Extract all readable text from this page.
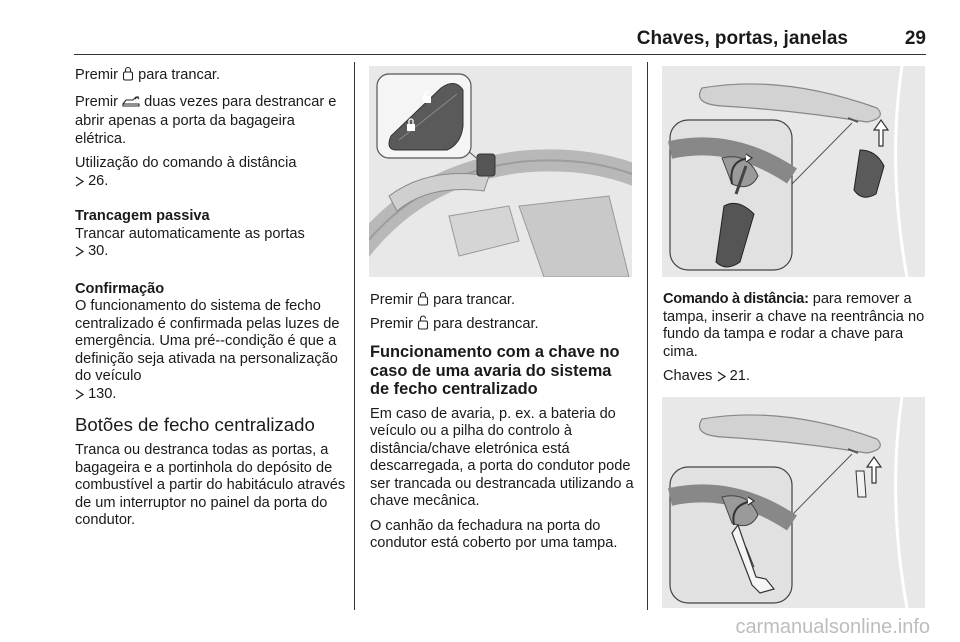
Chaves, portas, janelas	29

Premir para trancar.

Premir duas vezes para destrancar e abrir apenas a porta da bagageira elétrica.

Utilização do comando à distância
26.

Trancagem passiva
Trancar automaticamente as portas
30.

Confirmação
O funcionamento do sistema de fecho centralizado é confirmada pelas luzes de emergência. Uma pré--condição é que a definição seja ativada na personalização do veículo
130.

Botões de fecho centralizado

Tranca ou destranca todas as portas, a bagageira e a portinhola do depósito de combustível a partir do habitáculo através de um interruptor no painel da porta do condutor.

Premir para trancar.

Premir para destrancar.

Funcionamento com a chave no caso de uma avaria do sistema de fecho centralizado

Em caso de avaria, p. ex. a bateria do veículo ou a pilha do controlo à distância/chave eletrónica está descarregada, a porta do condutor pode ser trancada ou destrancada utilizando a chave mecânica.

O canhão da fechadura na porta do condutor está coberto por uma tampa.

Comando à distância: para remover a tampa, inserir a chave na reentrância no fundo da tampa e rodar a chave para cima.

Chaves 21.

carmanualsonline.info
